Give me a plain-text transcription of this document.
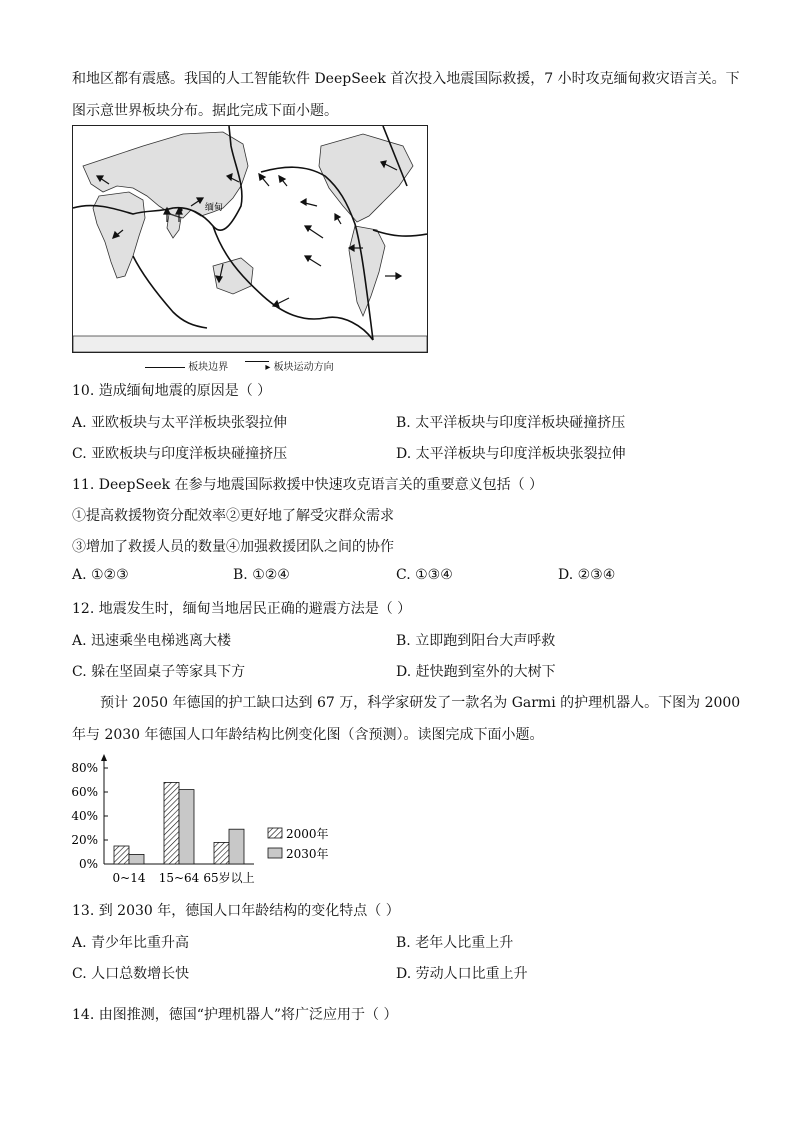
和地区都有震感。我国的人工智能软件 DeepSeek 首次投入地震国际救援，7 小时攻克缅甸救灾语言关。下
图示意世界板块分布。据此完成下面小题。
缅甸
板块边界	▸ 板块运动方向
10. 造成缅甸地震的原因是（ ）
A. 亚欧板块与太平洋板块张裂拉伸	B. 太平洋板块与印度洋板块碰撞挤压
C. 亚欧板块与印度洋板块碰撞挤压	D. 太平洋板块与印度洋板块张裂拉伸
11. DeepSeek 在参与地震国际救援中快速攻克语言关的重要意义包括（ ）
①提高救援物资分配效率②更好地了解受灾群众需求
③增加了救援人员的数量④加强救援团队之间的协作
A. ①②③	B. ①②④	C. ①③④	D. ②③④
12. 地震发生时，缅甸当地居民正确的避震方法是（ ）
A. 迅速乘坐电梯逃离大楼	B. 立即跑到阳台大声呼救
C. 躲在坚固桌子等家具下方	D. 赶快跑到室外的大树下
预计 2050 年德国的护工缺口达到 67 万，科学家研发了一款名为 Garmi 的护理机器人。下图为 2000
年与 2030 年德国人口年龄结构比例变化图（含预测）。读图完成下面小题。
0%
20%
40%
60%
80%
0~14 15~64 65岁以上
2000年
2030年
13. 到 2030 年，德国人口年龄结构的变化特点（ ）
A. 青少年比重升高	B. 老年人比重上升
C. 人口总数增长快	D. 劳动人口比重上升
14. 由图推测，德国“护理机器人”将广泛应用于（ ）
